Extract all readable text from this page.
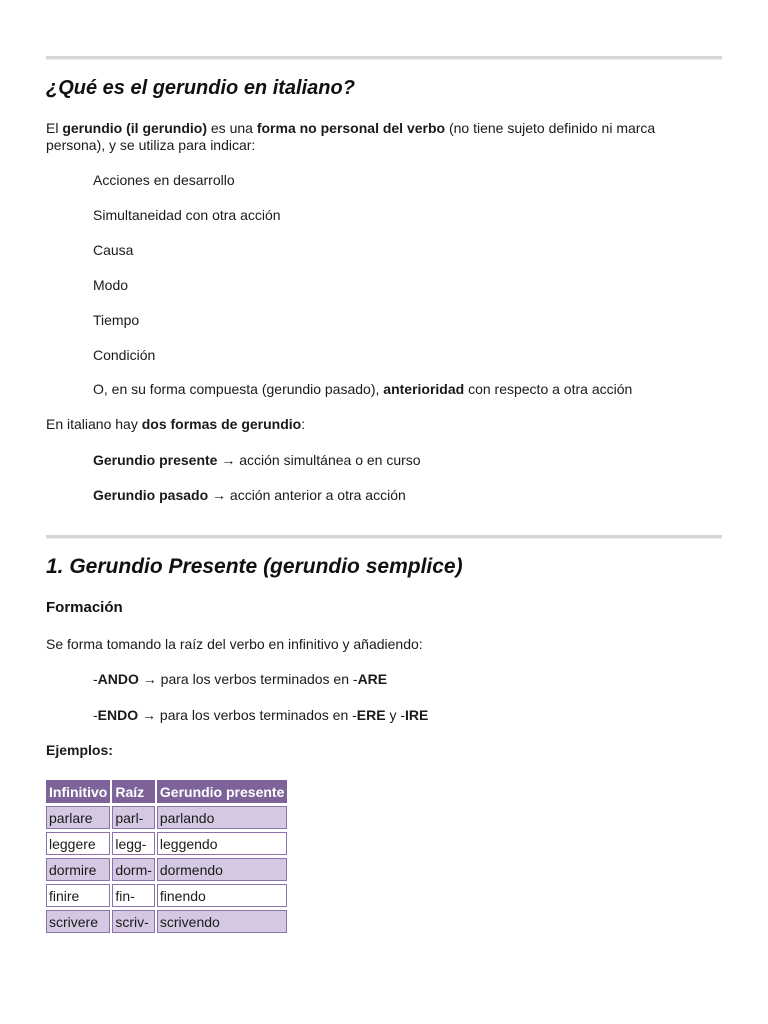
¿Qué es el gerundio en italiano?

El gerundio (il gerundio) es una forma no personal del verbo (no tiene sujeto definido ni marca persona), y se utiliza para indicar:

Acciones en desarrollo

Simultaneidad con otra acción

Causa

Modo

Tiempo

Condición

O, en su forma compuesta (gerundio pasado), anterioridad con respecto a otra acción

En italiano hay dos formas de gerundio:

Gerundio presente → acción simultánea o en curso

Gerundio pasado → acción anterior a otra acción

1. Gerundio Presente (gerundio semplice)
Formación

Se forma tomando la raíz del verbo en infinitivo y añadiendo:

-ANDO → para los verbos terminados en -ARE

-ENDO → para los verbos terminados en -ERE y -IRE

Ejemplos:

Infinitivo	Raíz	Gerundio presente
parlare	parl-	parlando
leggere	legg-	leggendo
dormire	dorm-	dormendo
finire	fin-	finendo
scrivere	scriv-	scrivendo
